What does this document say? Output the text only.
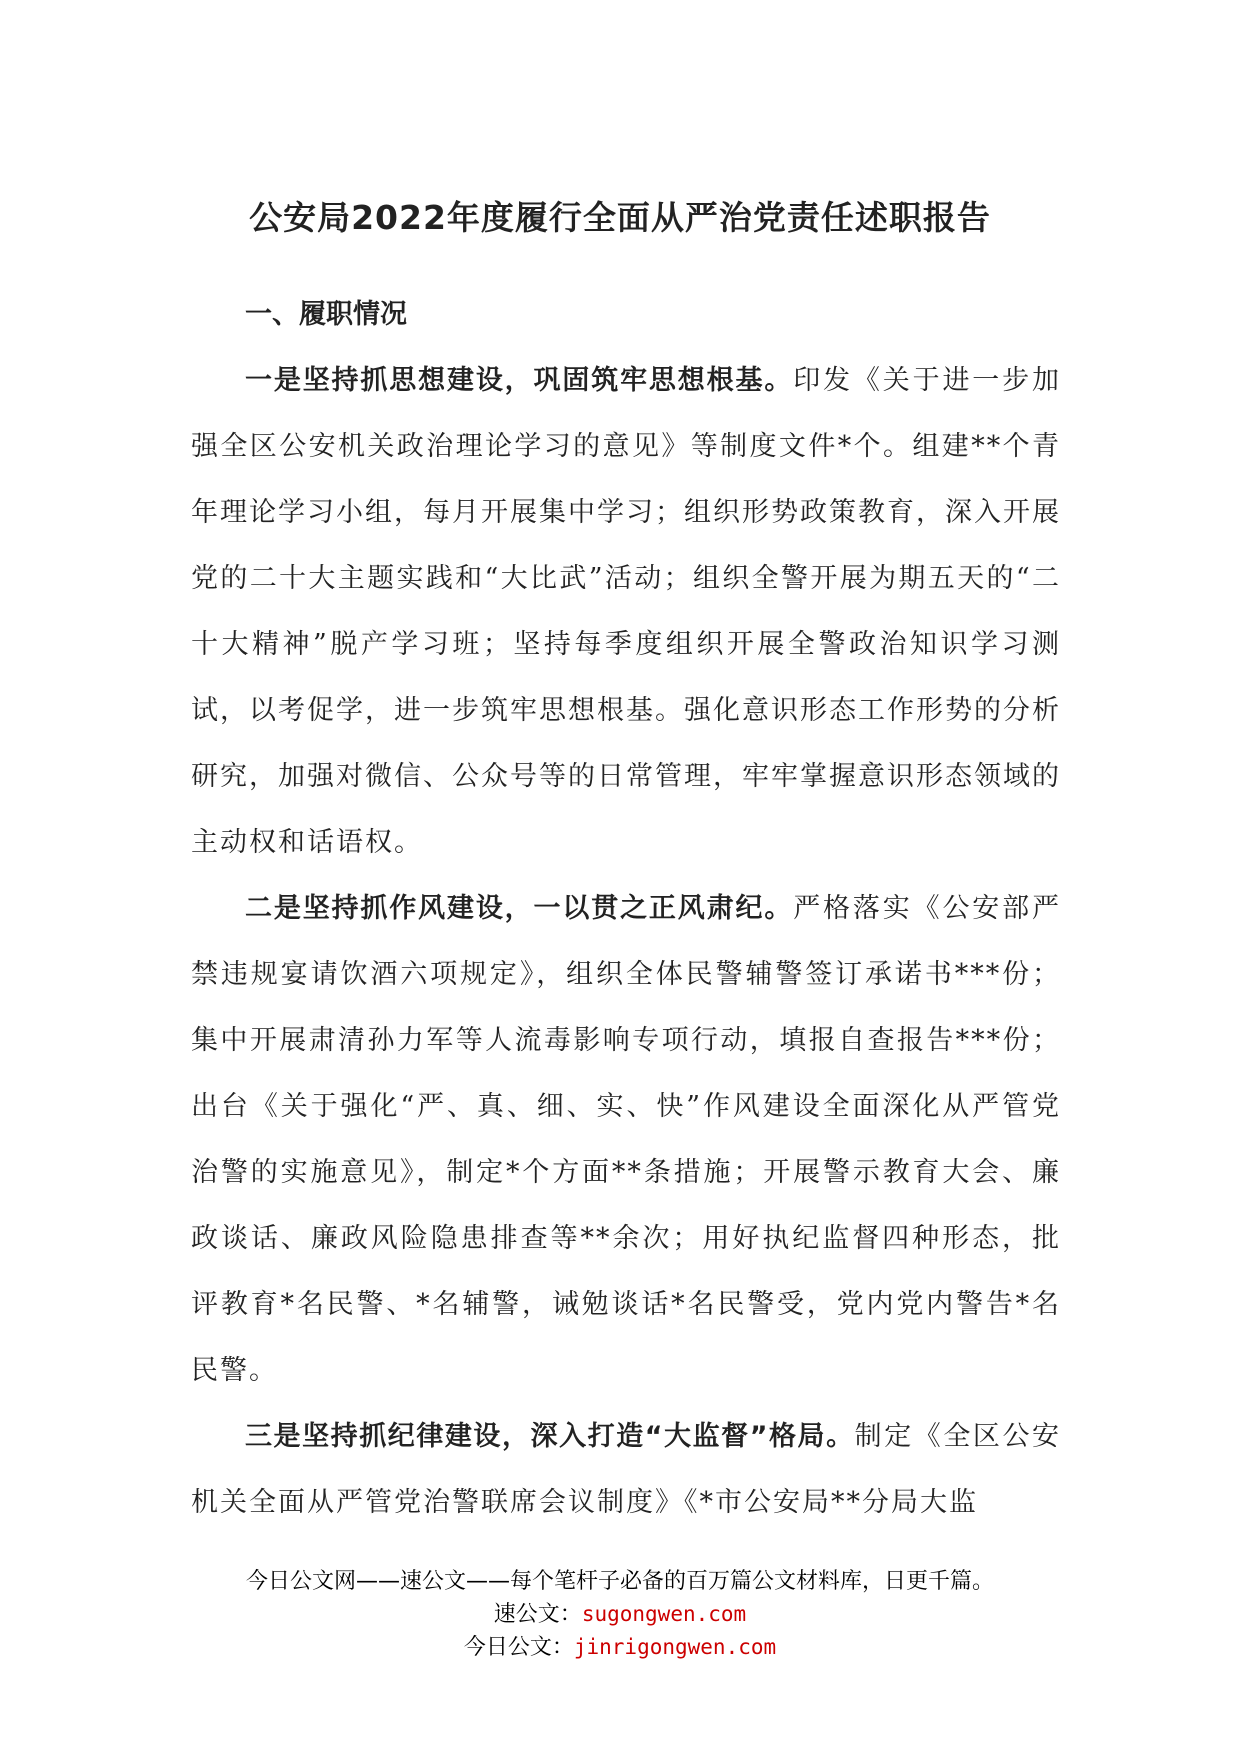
公安局2022年度履行全面从严治党责任述职报告

一、履职情况

一是坚持抓思想建设，巩固筑牢思想根基。印发《关于进一步加强全区公安机关政治理论学习的意见》等制度文件*个。组建**个青年理论学习小组，每月开展集中学习；组织形势政策教育，深入开展党的二十大主题实践和“大比武”活动；组织全警开展为期五天的“二十大精神”脱产学习班；坚持每季度组织开展全警政治知识学习测试，以考促学，进一步筑牢思想根基。强化意识形态工作形势的分析研究，加强对微信、公众号等的日常管理，牢牢掌握意识形态领域的主动权和话语权。

二是坚持抓作风建设，一以贯之正风肃纪。严格落实《公安部严禁违规宴请饮酒六项规定》，组织全体民警辅警签订承诺书***份；集中开展肃清孙力军等人流毒影响专项行动，填报自查报告***份；出台《关于强化“严、真、细、实、快”作风建设全面深化从严管党治警的实施意见》，制定*个方面**条措施；开展警示教育大会、廉政谈话、廉政风险隐患排查等**余次；用好执纪监督四种形态，批评教育*名民警、*名辅警，诫勉谈话*名民警受，党内党内警告*名民警。

三是坚持抓纪律建设，深入打造“大监督”格局。制定《全区公安机关全面从严管党治警联席会议制度》《*市公安局**分局大监

今日公文网——速公文——每个笔杆子必备的百万篇公文材料库，日更千篇。
速公文：sugongwen.com
今日公文：jinrigongwen.com
